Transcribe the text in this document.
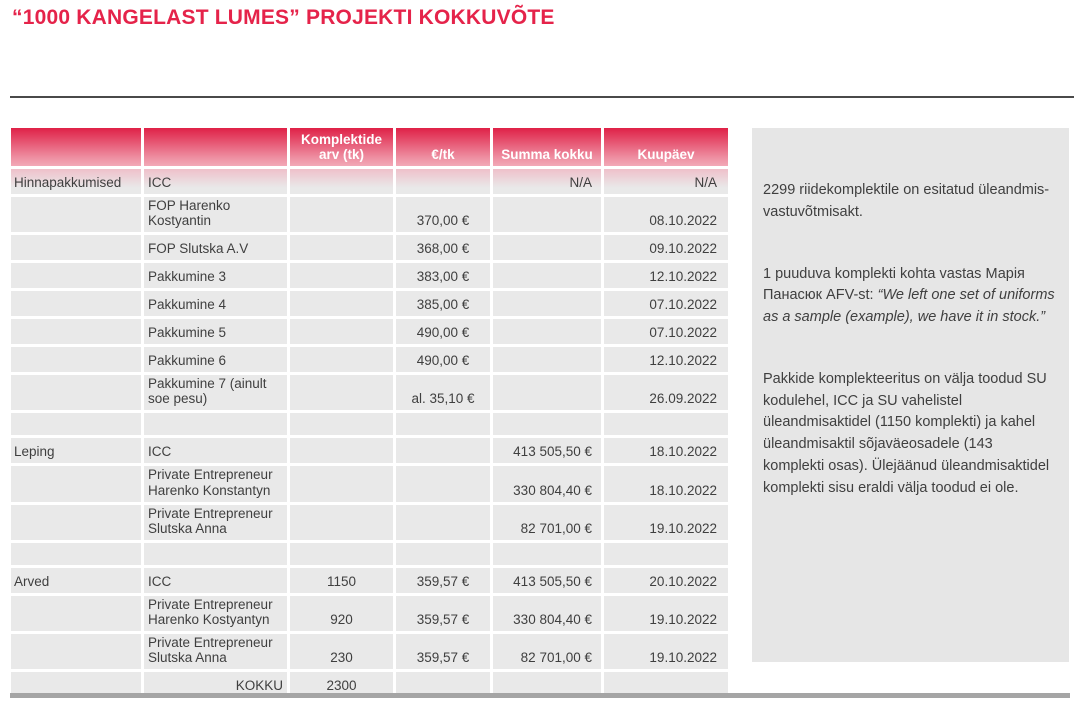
“1000 KANGELAST LUMES” PROJEKTI KOKKUVÕTE
		Komplektide arv (tk)	€/tk	Summa kokku	Kuupäev
Hinnapakkumised	ICC			N/A	N/A
	FOP Harenko Kostyantin		370,00 €		08.10.2022
	FOP Slutska A.V		368,00 €		09.10.2022
	Pakkumine 3		383,00 €		12.10.2022
	Pakkumine 4		385,00 €		07.10.2022
	Pakkumine 5		490,00 €		07.10.2022
	Pakkumine 6		490,00 €		12.10.2022
	Pakkumine 7 (ainult soe pesu)		al. 35,10 €		26.09.2022

Leping	ICC			413 505,50 €	18.10.2022
	Private Entrepreneur Harenko Konstantyn			330 804,40 €	18.10.2022
	Private Entrepreneur Slutska Anna			82 701,00 €	19.10.2022

Arved	ICC	1150	359,57 €	413 505,50 €	20.10.2022
	Private Entrepreneur Harenko Kostyantyn	920	359,57 €	330 804,40 €	19.10.2022
	Private Entrepreneur Slutska Anna	230	359,57 €	82 701,00 €	19.10.2022
	KOKKU	2300			

2299 riidekomplektile on esitatud üleandmis-vastuvõtmisakt.

1 puuduva komplekti kohta vastas Марія Панасюк AFV-st: “We left one set of uniforms as a sample (example), we have it in stock.”

Pakkide komplekteeritus on välja toodud SU kodulehel, ICC ja SU vahelistel üleandmisaktidel (1150 komplekti) ja kahel üleandmisaktil sõjaväeosadele (143 komplekti osas). Ülejäänud üleandmisaktidel komplekti sisu eraldi välja toodud ei ole.
